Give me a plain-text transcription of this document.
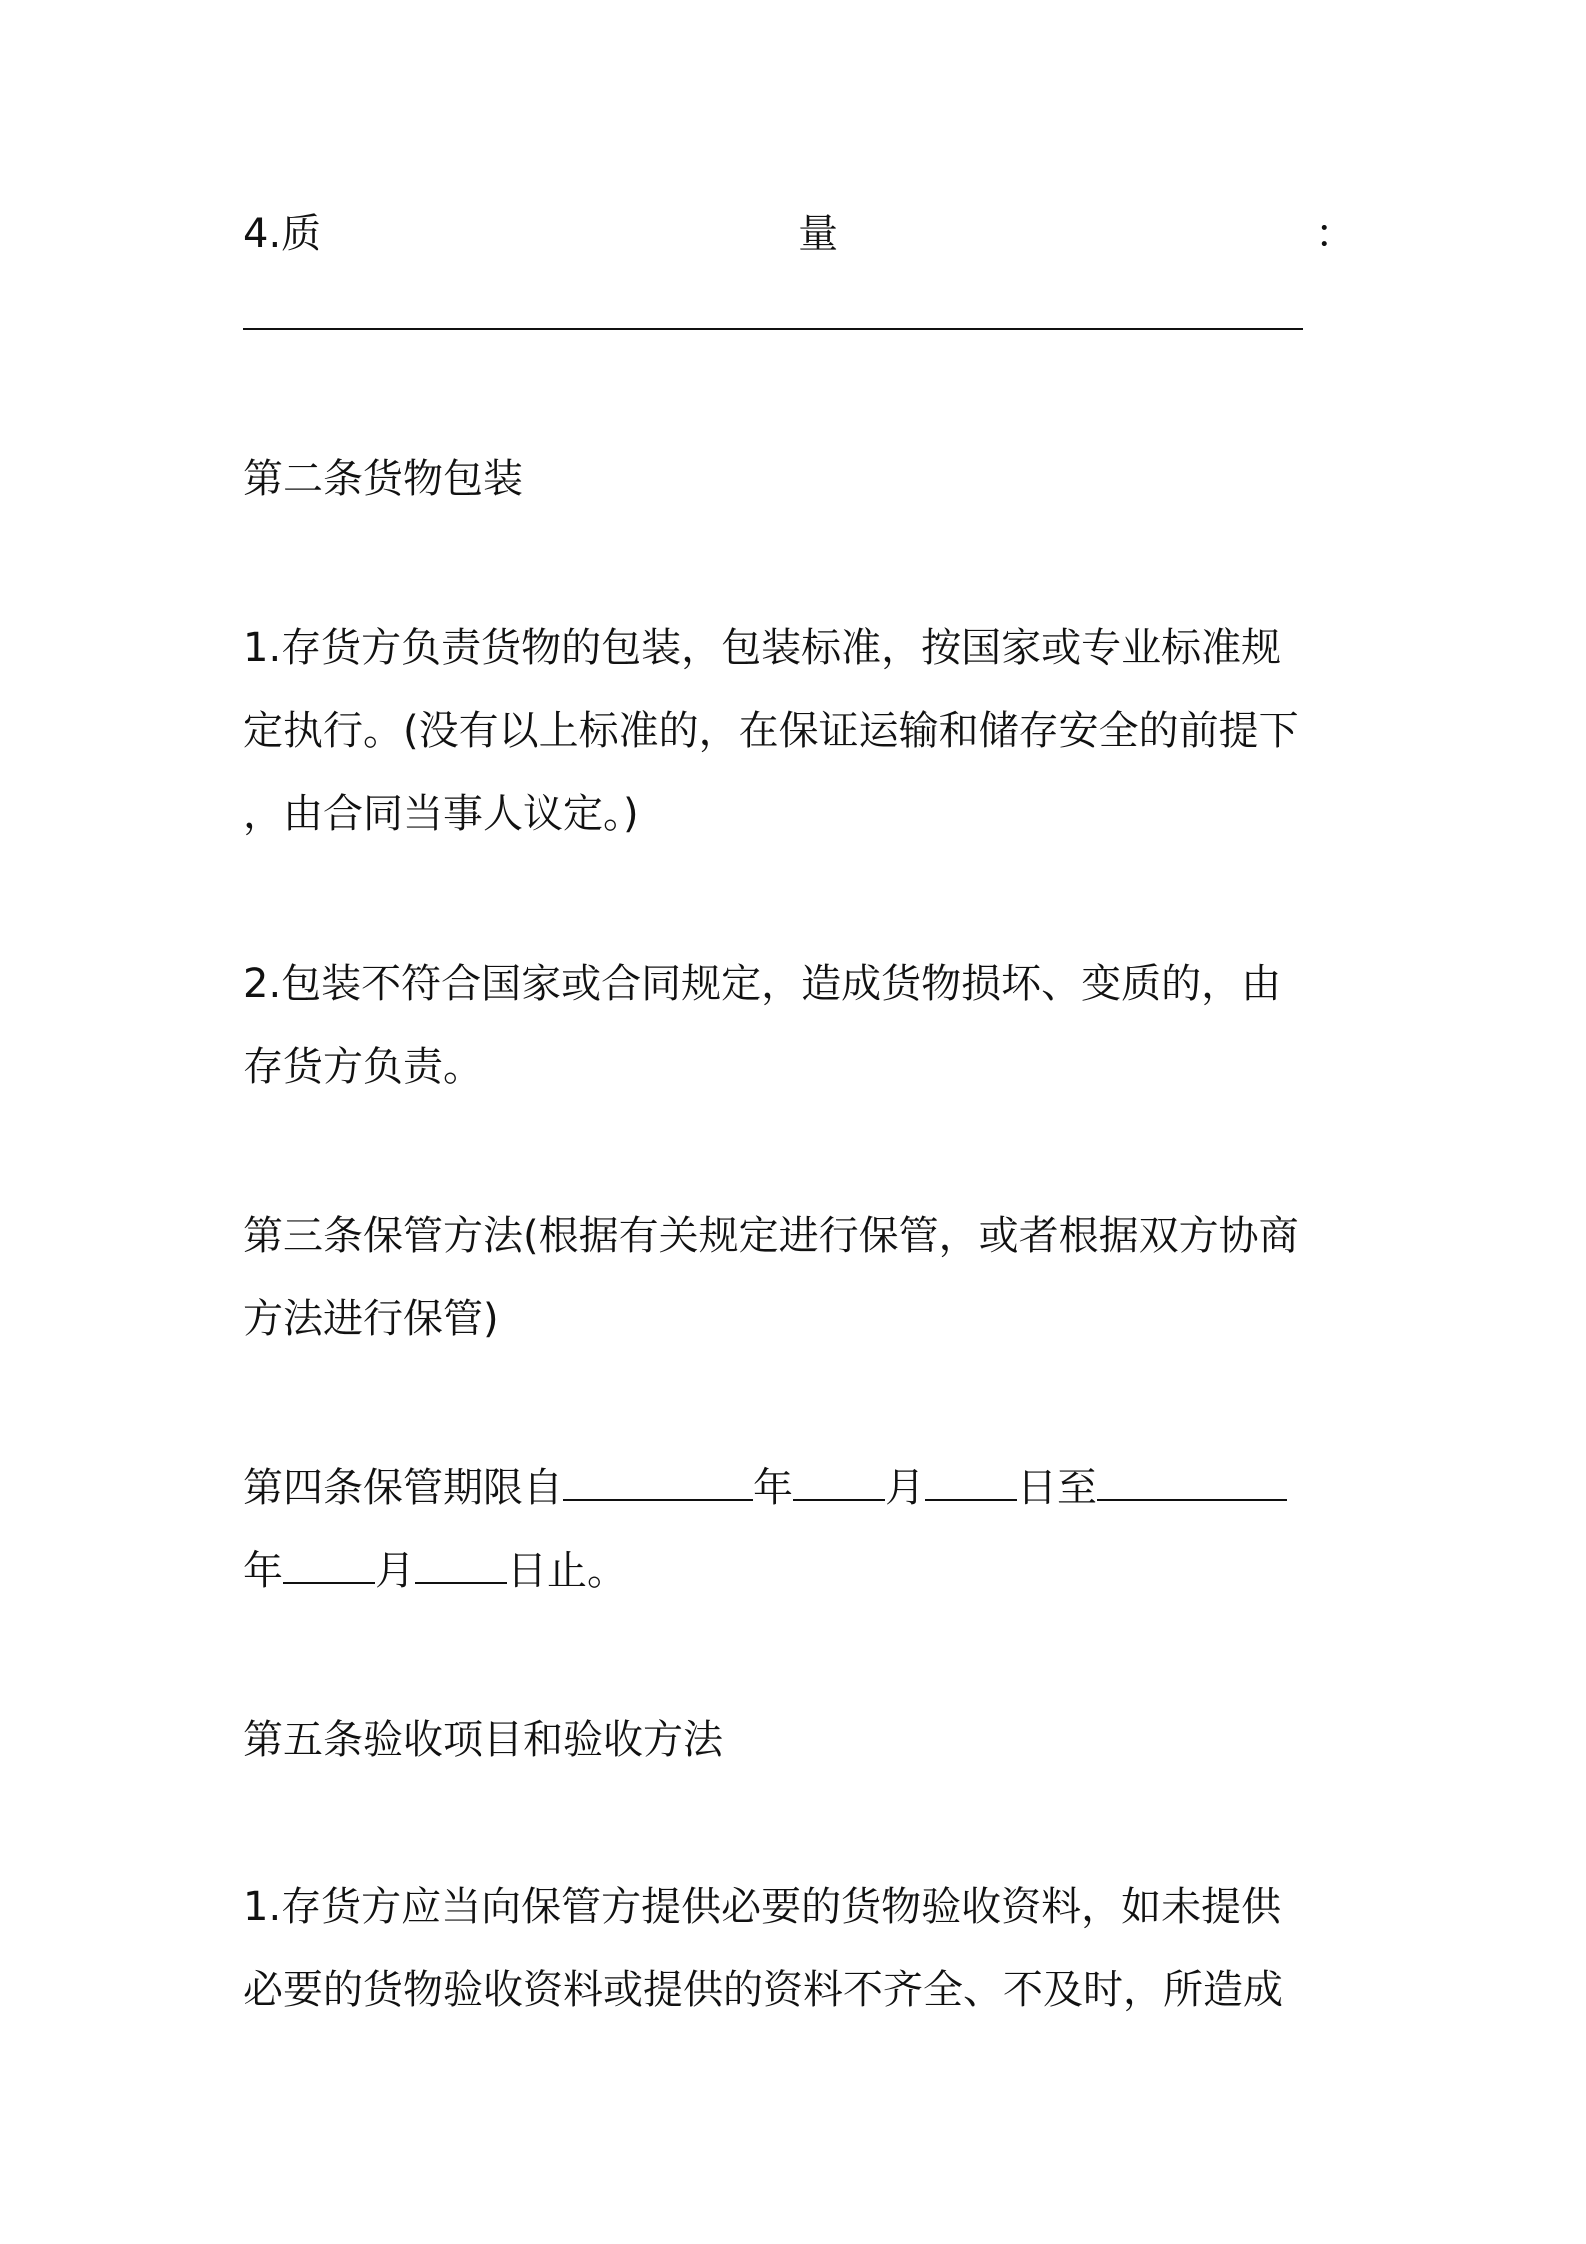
4.质	量	：
第二条货物包装
1.存货方负责货物的包装，包装标准，按国家或专业标准规
定执行。(没有以上标准的，在保证运输和储存安全的前提下
，由合同当事人议定。)
2.包装不符合国家或合同规定，造成货物损坏、变质的，由
存货方负责。
第三条保管方法(根据有关规定进行保管，或者根据双方协商
方法进行保管)
第四条保管期限自	年 月 日至
年 月 日止。
第五条验收项目和验收方法
1.存货方应当向保管方提供必要的货物验收资料，如未提供
必要的货物验收资料或提供的资料不齐全、不及时，所造成
